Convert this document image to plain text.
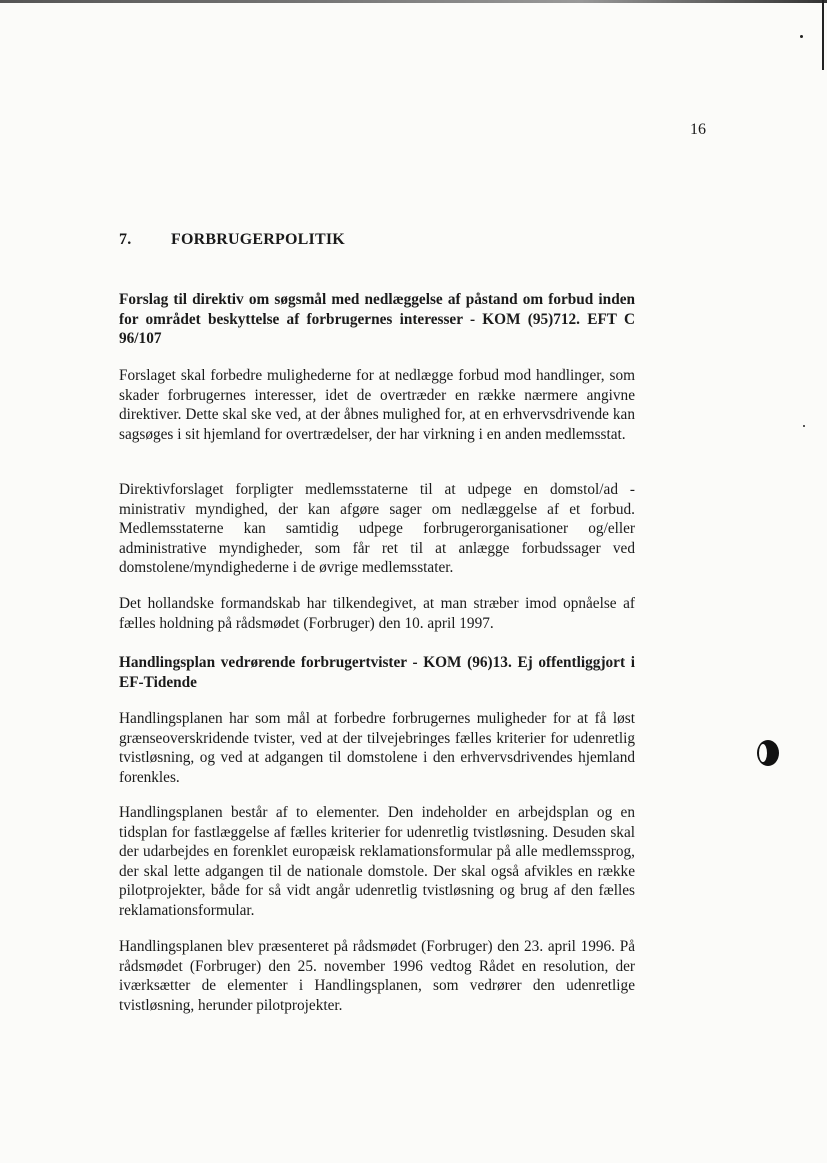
16
7. FORBRUGERPOLITIK
Forslag til direktiv om søgsmål med nedlæggelse af påstand om forbud inden for området beskyttelse af forbrugernes interesser - KOM (95)712. EFT C 96/107
Forslaget skal forbedre mulighederne for at nedlægge forbud mod handlinger, som skader forbrugernes interesser, idet de overtræder en række nærmere angivne direktiver. Dette skal ske ved, at der åbnes mulighed for, at en erhvervsdrivende kan sagsøges i sit hjemland for overtrædelser, der har virkning i en anden medlemsstat.
Direktivforslaget forpligter medlemsstaterne til at udpege en domstol/ad - ministrativ myndighed, der kan afgøre sager om nedlæggelse af et forbud. Medlemsstaterne kan samtidig udpege forbrugerorganisationer og/eller administrative myndigheder, som får ret til at anlægge forbudssager ved domstolene/myndighederne i de øvrige medlemsstater.
Det hollandske formandskab har tilkendegivet, at man stræber imod opnåelse af fælles holdning på rådsmødet (Forbruger) den 10. april 1997.
Handlingsplan vedrørende forbrugertvister - KOM (96)13. Ej offentliggjort i EF-Tidende
Handlingsplanen har som mål at forbedre forbrugernes muligheder for at få løst grænseoverskridende tvister, ved at der tilvejebringes fælles kriterier for udenretlig tvistløsning, og ved at adgangen til domstolene i den erhvervsdrivendes hjemland forenkles.
Handlingsplanen består af to elementer. Den indeholder en arbejdsplan og en tidsplan for fastlæggelse af fælles kriterier for udenretlig tvistløsning. Desuden skal der udarbejdes en forenklet europæisk reklamationsformular på alle medlemssprog, der skal lette adgangen til de nationale domstole. Der skal også afvikles en række pilotprojekter, både for så vidt angår udenretlig tvistløsning og brug af den fælles reklamationsformular.
Handlingsplanen blev præsenteret på rådsmødet (Forbruger) den 23. april 1996. På rådsmødet (Forbruger) den 25. november 1996 vedtog Rådet en resolution, der iværksætter de elementer i Handlingsplanen, som vedrører den udenretlige tvistløsning, herunder pilotprojekter.
